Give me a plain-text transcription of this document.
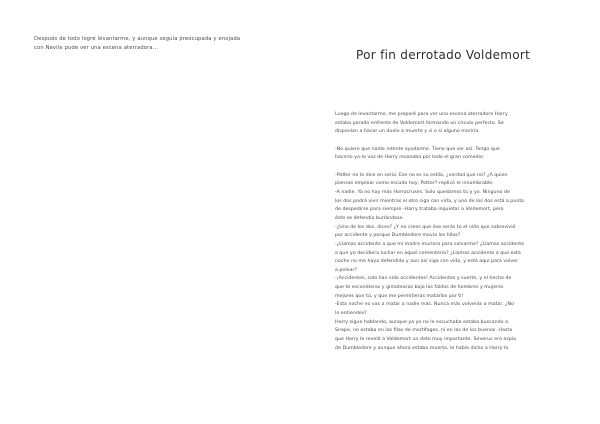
Después de todo logré levantarme, y aunque seguía preocupada y enojada
con Nevile pude ver una escena aterradora...	Por fin derrotado Voldemort
Luego de levantarme, me preparé para ver una escena aterradora Harry
estaba parado enfrente de Voldemort formando un círculo perfecto. Se
disponían a hacer un duelo a muerte y si o si alguno moriría.

-No quiero que nadie intente ayudarme. Tiene que ser así. Tengo que
hacerlo yo-la voz de Harry resonaba por todo el gran comedor.

-Potter no lo dice en serio. Ese no es su estilo, ¿verdad que no? ¿A quien
piensas emplear como escudo hoy, Potter?-replicó el innombrable.
-A nadie. Ya no hay más Horrocruxes. Solo quedamos tú y yo. Ninguno de
los dos podrá vivir mientras el otro siga con vida, y uno de los dos está a punto
de despedirse para siempre.-Harry trataba inquietar a Voldemort, pero
éste se defendía burlándose.
-¿Uno de los dos, dices? ¿Y no crees que ése serás tú el niño que sobrevivió
por accidente y porque Dumbledore movía los hilos?
-¿Llamas accidente a que mi madre muriera para salvarme? ¿Llamas accidente
a que yo decidiera luchar en aquel cementerio? ¿Llamas accidente a que esta
noche no me haya defendido y aún así siga con vida, y esté aquí para volver
a pelear?
-¡Accidentes, solo han sido accidentes! Accidentes y suerte, y el hecho de
que te escondieras y gimotearas bajo las faldas de hombres y mujeres
mejores que tú, y que me permitieras matarlos por ti!
-Esta noche no vas a matar a nadie más. Nunca más volverás a matar. ¿No
lo entiendes?
Harry sigue hablando, aunque ya yo no le escuchaba estaba buscando a
Snape, no estaba en las filas de mortífagos, ni en las de los buenos. Hasta
que Harry le reveló a Voldemort un dato muy importante. Severus era espía
de Dumbledore y aunque ahora estaba muerto, le había dicho a Harry la
